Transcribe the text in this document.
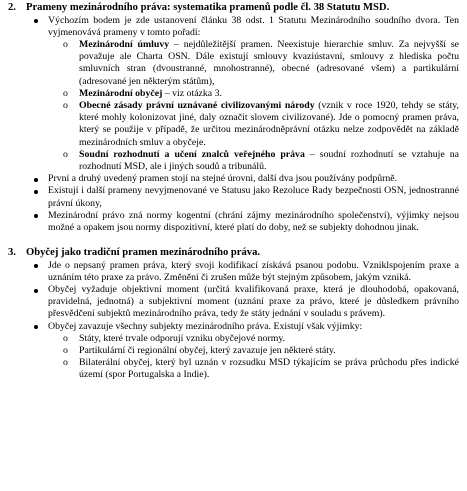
2. Prameny mezinárodního práva: systematika pramenů podle čl. 38 Statutu MSD.
Výchozím bodem je zde ustanovení článku 38 odst. 1 Statutu Mezinárodního soudního dvora. Ten vyjmenovává prameny v tomto pořadí:
o Mezinárodní úmluvy – nejdůležitější pramen. Neexistuje hierarchie smluv. Za nejvyšší se považuje ale Charta OSN. Dále existují smlouvy kvaziústavní, smlouvy z hlediska počtu smluvních stran (dvoustranné, mnohostranné), obecné (adresované všem) a partikulární (adresované jen některým státům),
o Mezinárodní obyčej – viz otázka 3.
o Obecné zásady právní uznávané civilizovanými národy (vznik v roce 1920, tehdy se státy, které mohly kolonizovat jiné, daly označit slovem civilizované). Jde o pomocný pramen práva, který se použije v případě, že určitou mezinárodněprávní otázku nelze zodpovědět na základě mezinárodních smluv a obyčeje.
o Soudní rozhodnutí a učení znalců veřejného práva – soudní rozhodnutí se vztahuje na rozhodnutí MSD, ale i jiných soudů a tribunálů.
První a druhý uvedený pramen stojí na stejné úrovni, další dva jsou používány podpůrně.
Existují i další prameny nevyjmenované ve Statusu jako Rezoluce Rady bezpečnosti OSN, jednostranné právní úkony,
Mezinárodní právo zná normy kogentní (chrání zájmy mezinárodního společenství), výjimky nejsou možné a opakem jsou normy dispozitivní, které platí do doby, než se subjekty dohodnou jinak.
3. Obyčej jako tradiční pramen mezinárodního práva.
Jde o nepsaný pramen práva, který svoji kodifikací získává psanou podobu. Vzniklspojením praxe a uznáním této praxe za právo. Změnění či zrušen může být stejným způsobem, jakým vzniká.
Obyčej vyžaduje objektivní moment (určitá kvalifikovaná praxe, která je dlouhodobá, opakovaná, pravidelná, jednotná) a subjektivní moment (uznání praxe za právo, které je důsledkem právního přesvědčení subjektů mezinárodního práva, tedy že státy jednání v souladu s právem).
Obyčej zavazuje všechny subjekty mezinárodního práva. Existují však výjimky:
o Státy, které trvale odporují vzniku obyčejové normy.
o Partikulární či regionální obyčej, který zavazuje jen některé státy.
o Bilaterální obyčej, který byl uznán v rozsudku MSD týkajícím se práva průchodu přes indické území (spor Portugalska a Indie).
